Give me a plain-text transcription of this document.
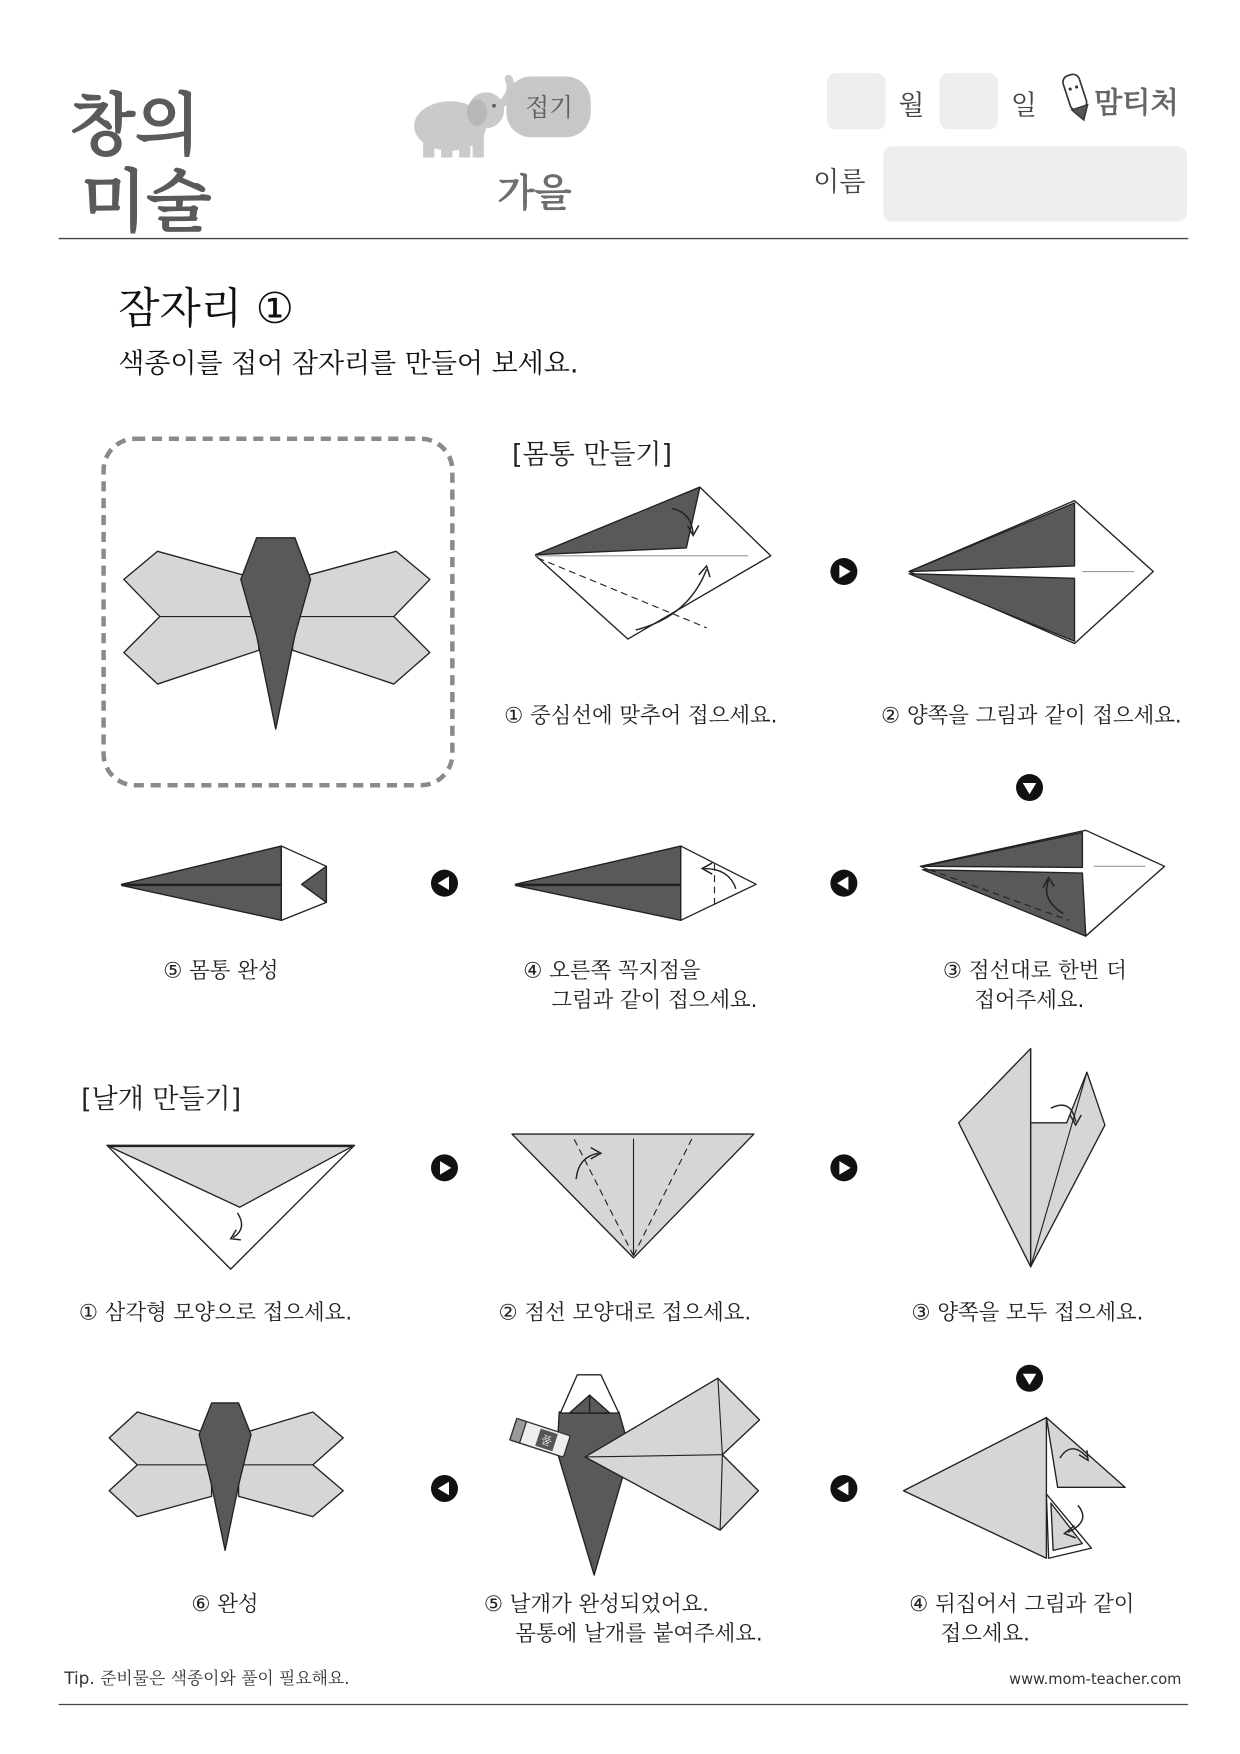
창의
미술
접기
가을
월	일 맘티처
이름
잠자리 ①
색종이를 접어 잠자리를 만들어 보세요.
[몸통 만들기]
① 중심선에 맞추어 접으세요.	② 양쪽을 그림과 같이 접으세요.
③ 점선대로 한번 더
접어주세요.
④ 오른쪽 꼭지점을
그림과 같이 접으세요.
⑤ 몸통 완성
[날개 만들기]
① 삼각형 모양으로 접으세요.	② 점선 모양대로 접으세요.	③ 양쪽을 모두 접으세요.
④ 뒤집어서 그림과 같이
접으세요.
풀
⑤ 날개가 완성되었어요.
몸통에 날개를 붙여주세요.
⑥ 완성
Tip. 준비물은 색종이와 풀이 필요해요.	www.mom-teacher.com
